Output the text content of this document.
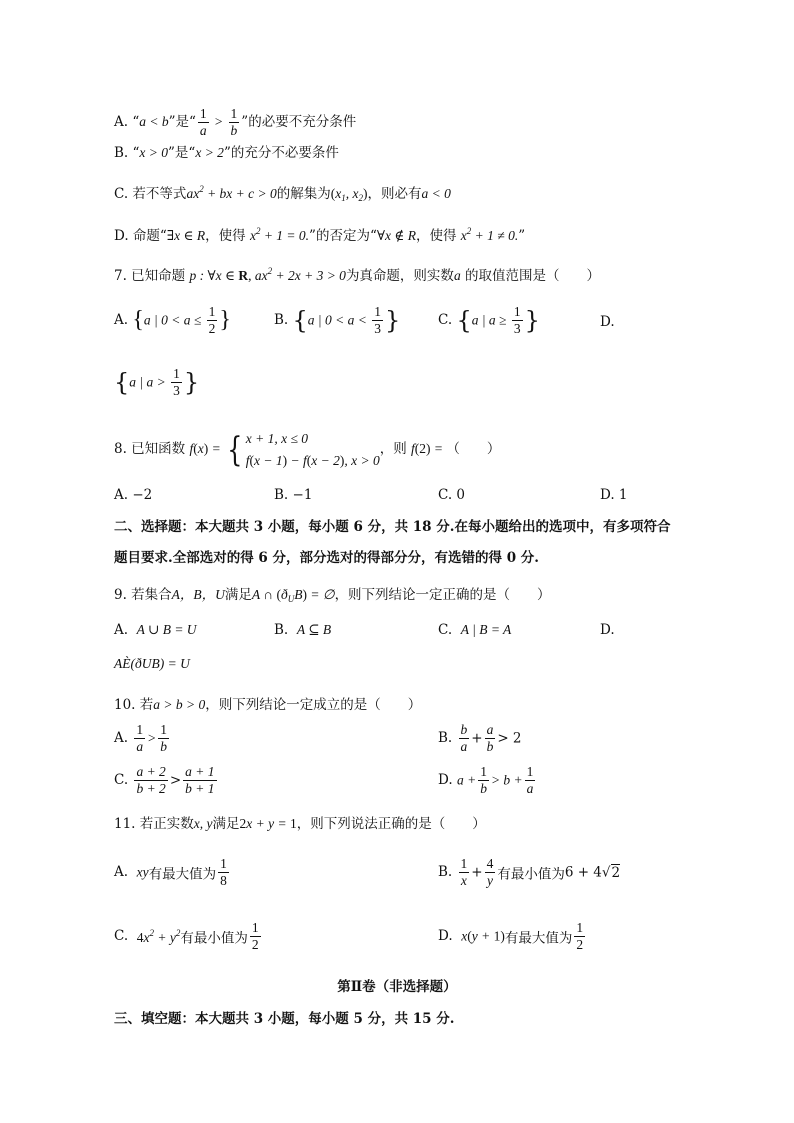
A. “a < b”是“ $\frac{1}{a} > \frac{1}{b}$ ”的必要不充分条件
B. “x > 0”是“x > 2”的充分不必要条件
C. 若不等式$ax^2$ + bx + c > 0的解集为($x_1$, $x_2$)，则必有a < 0
D. 命题“∃x ∈ R，使得 $x^2 + 1 = 0$.”的否定为“∀x ∉ R，使得 $x^2 + 1 \ne 0$.”
7. 已知命题 p : ∀x ∈ R, $ax^2 + 2x + 3 > 0$为真命题，则实数a 的取值范围是（　　）
A. {a | $0 < a \le \frac{1}{2}$ }	B. {a | $0 < a < \frac{1}{3}$ }	C. {a | $a \ge \frac{1}{3}$ }	D.
{a | $a > \frac{1}{3}$ }
8. 已知函数 f(x) = { x + 1, x ≤ 0
f(x − 1) − f(x − 2), x > 0
，则 f(2) = （　　）
A. −2	B. −1	C. 0	D. 1
二、选择题：本大题共 3 小题，每小题 6 分，共 18 分.在每小题给出的选项中，有多项符合
题目要求.全部选对的得 6 分，部分选对的得部分分，有选错的得 0 分.
9. 若集合A，B，U满足A ∩ $(ð_UB)$ = ∅，则下列结论一定正确的是（　　）
A. A ∪ B = U	B. A ⊆ B	C. A | B = A	D.
AÈ(ðUB) = U
10. 若a > b > 0，则下列结论一定成立的是（　　）
A. $\frac{1}{a} > \frac{1}{b}$	B. $\frac{b}{a} + \frac{a}{b} > 2$
C. $\frac{a + 2}{b + 2} > \frac{a + 1}{b + 1}$	D. $a + \frac{1}{b} > b + \frac{1}{a}$
11. 若正实数x, y满足2x + y = 1，则下列说法正确的是（　　）
A. xy有最大值为 $\frac{1}{8}$	B. $\frac{1}{x} + \frac{4}{y}$ 有最小值为6 + 4√2
C. $4x^2 + y^2$有最小值为 $\frac{1}{2}$	D. x(y + 1)有最大值为 $\frac{1}{2}$
第Ⅱ卷（非选择题）
三、填空题：本大题共 3 小题，每小题 5 分，共 15 分.
